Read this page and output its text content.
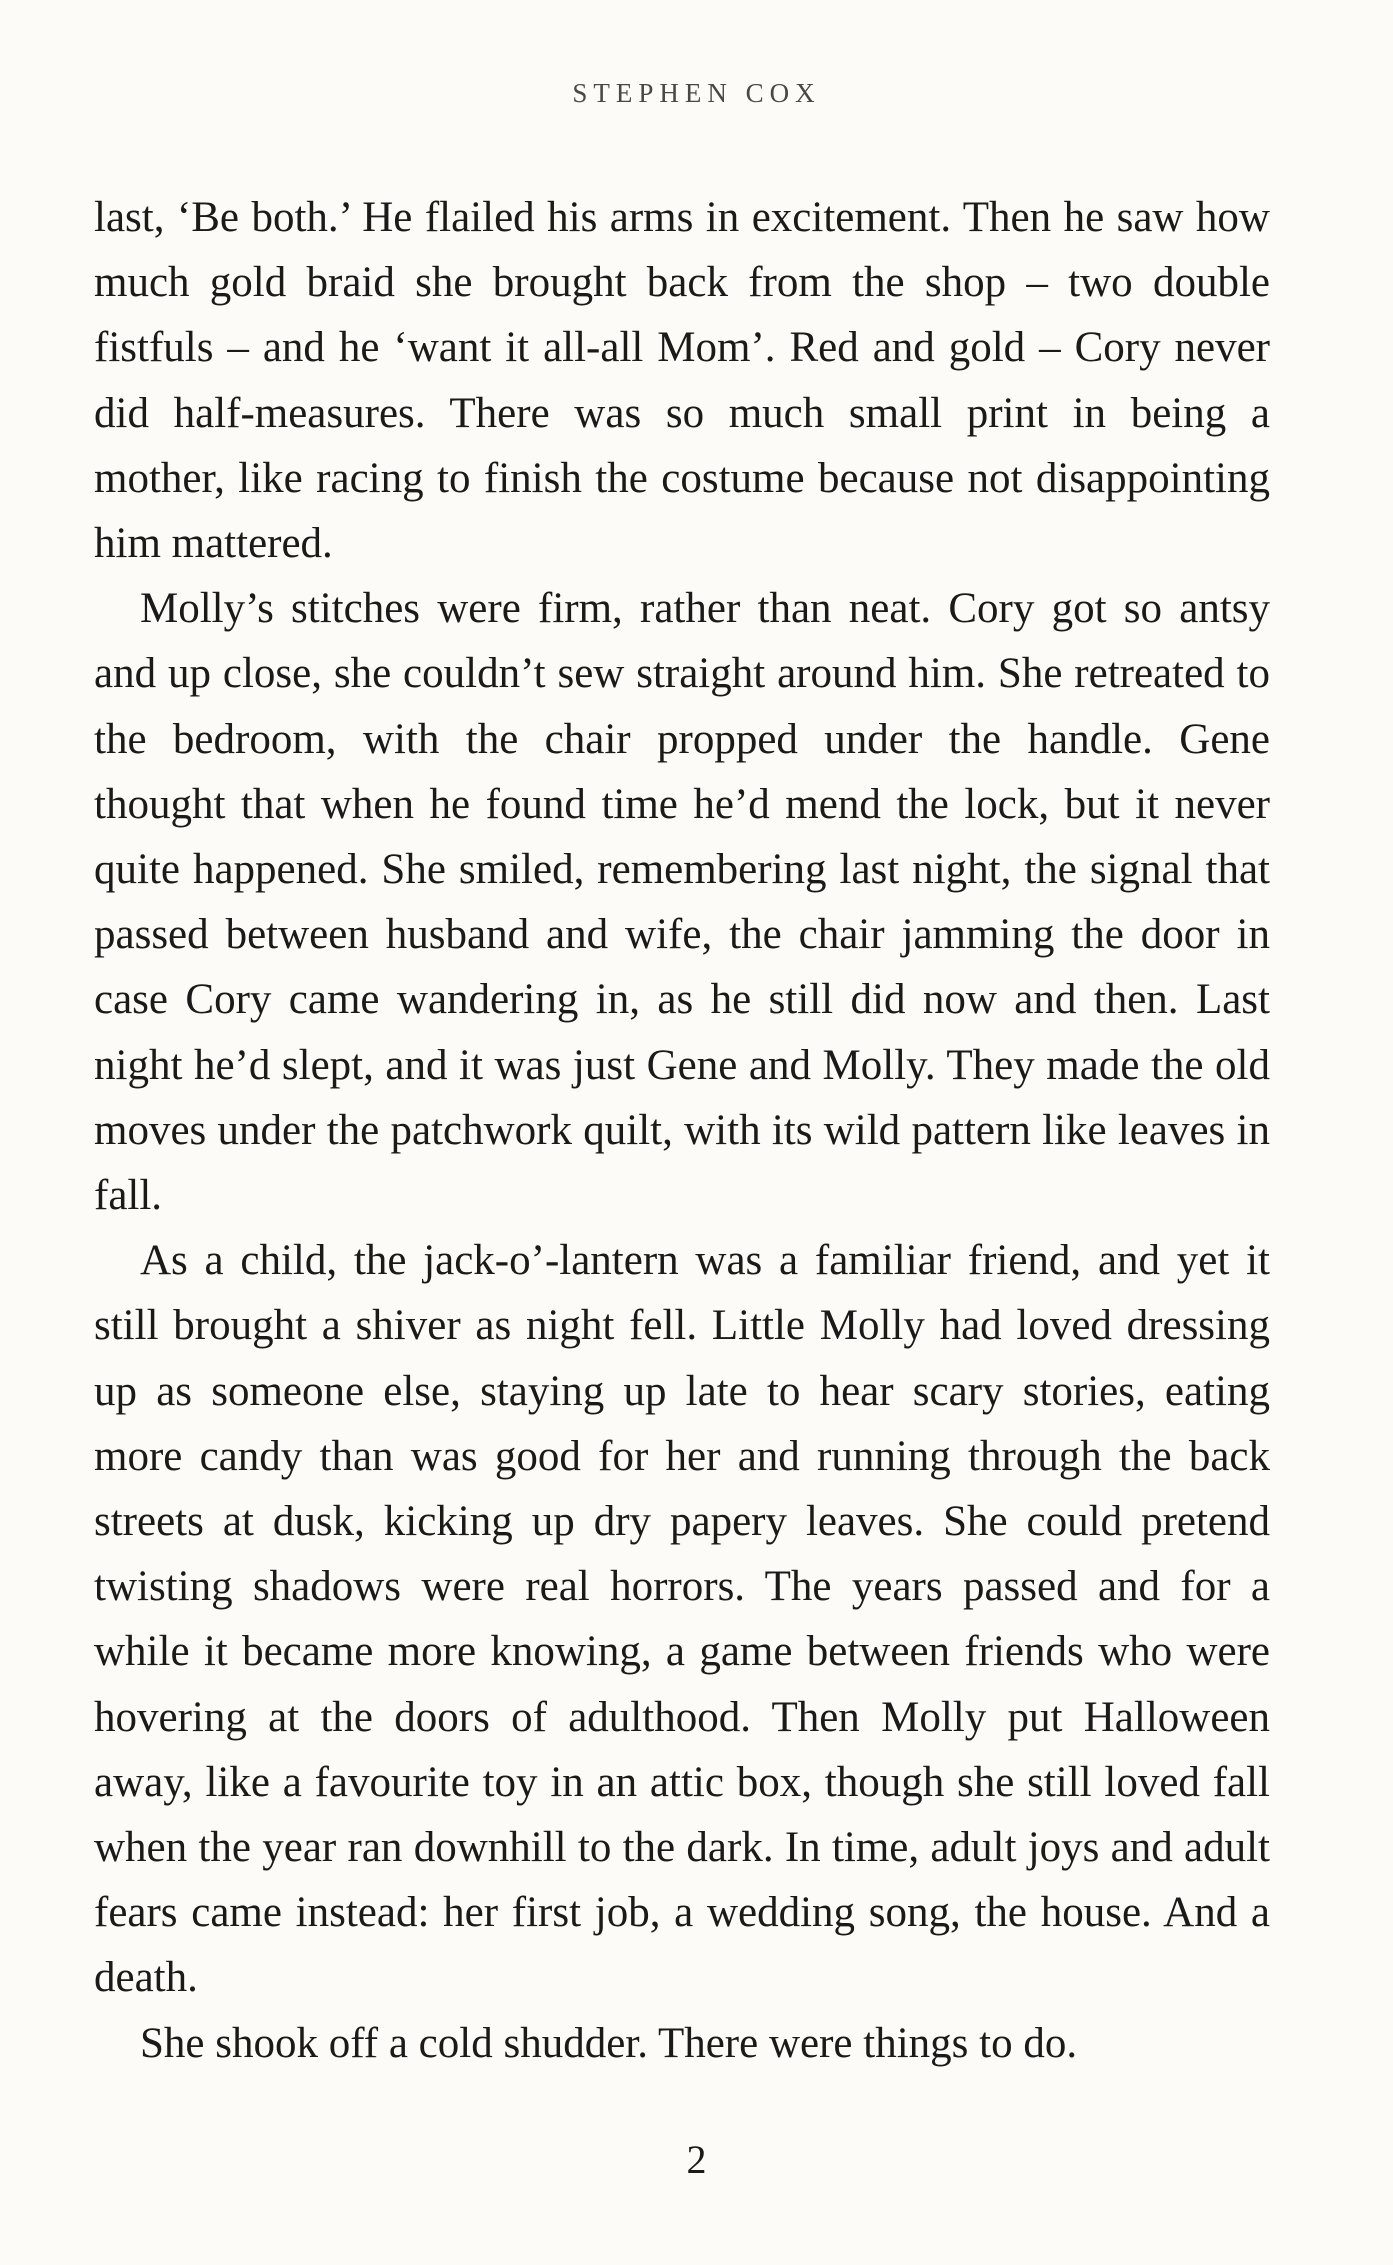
STEPHEN COX

last, ‘Be both.’ He flailed his arms in excitement. Then he saw how much gold braid she brought back from the shop – two double fistfuls – and he ‘want it all-all Mom’. Red and gold – Cory never did half-measures. There was so much small print in being a mother, like racing to finish the costume because not disappointing him mattered.

Molly’s stitches were firm, rather than neat. Cory got so antsy and up close, she couldn’t sew straight around him. She retreated to the bedroom, with the chair propped under the handle. Gene thought that when he found time he’d mend the lock, but it never quite happened. She smiled, remembering last night, the signal that passed between husband and wife, the chair jamming the door in case Cory came wandering in, as he still did now and then. Last night he’d slept, and it was just Gene and Molly. They made the old moves under the patchwork quilt, with its wild pattern like leaves in fall.

As a child, the jack-o’-lantern was a familiar friend, and yet it still brought a shiver as night fell. Little Molly had loved dressing up as someone else, staying up late to hear scary stories, eating more candy than was good for her and running through the back streets at dusk, kicking up dry papery leaves. She could pretend twisting shadows were real horrors. The years passed and for a while it became more knowing, a game between friends who were hovering at the doors of adulthood. Then Molly put Halloween away, like a favourite toy in an attic box, though she still loved fall when the year ran downhill to the dark. In time, adult joys and adult fears came instead: her first job, a wedding song, the house. And a death.

She shook off a cold shudder. There were things to do.

2
